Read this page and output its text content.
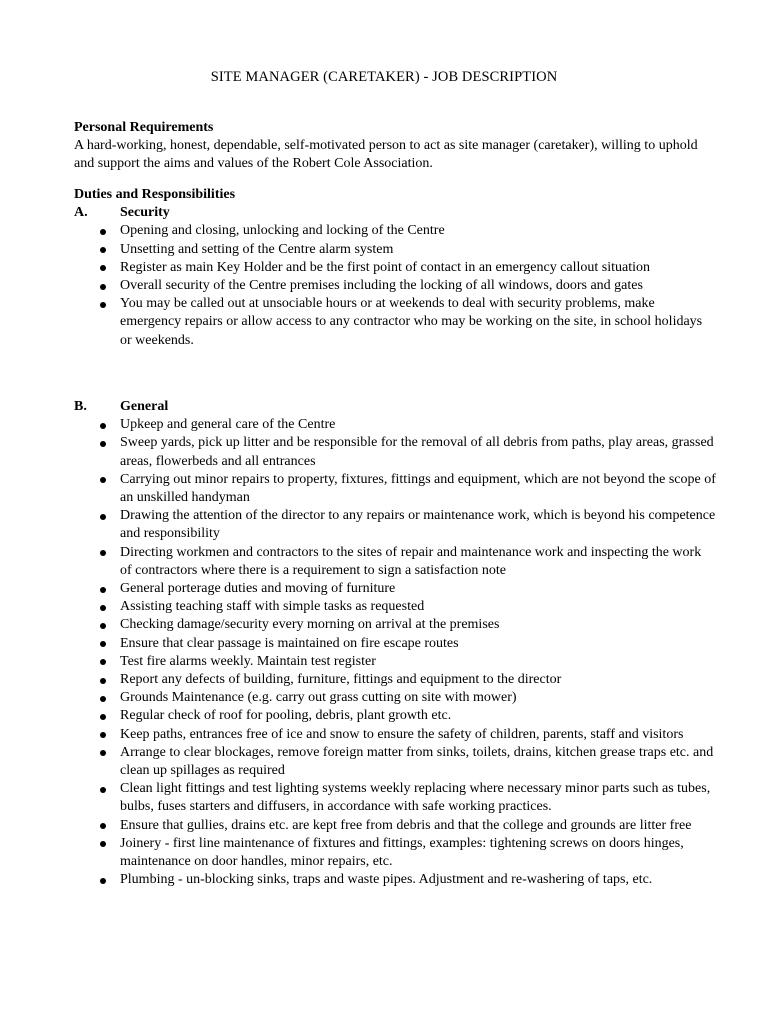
SITE MANAGER (CARETAKER) - JOB DESCRIPTION

Personal Requirements

A hard-working, honest, dependable, self-motivated person to act as site manager (caretaker), willing to uphold and support the aims and values of the Robert Cole Association.

Duties and Responsibilities

A.	Security
Opening and closing, unlocking and locking of the Centre
Unsetting and setting of the Centre alarm system
Register as main Key Holder and be the first point of contact in an emergency callout situation
Overall security of the Centre premises including the locking of all windows, doors and gates
You may be called out at unsociable hours or at weekends to deal with security problems, make emergency repairs or allow access to any contractor who may be working on the site, in school holidays or weekends.
B.	General
Upkeep and general care of the Centre
Sweep yards, pick up litter and be responsible for the removal of all debris from paths, play areas, grassed areas, flowerbeds and all entrances
Carrying out minor repairs to property, fixtures, fittings and equipment, which are not beyond the scope of an unskilled handyman
Drawing the attention of the director to any repairs or maintenance work, which is beyond his competence and responsibility
Directing workmen and contractors to the sites of repair and maintenance work and inspecting the work of contractors where there is a requirement to sign a satisfaction note
General porterage duties and moving of furniture
Assisting teaching staff with simple tasks as requested
Checking damage/security every morning on arrival at the premises
Ensure that clear passage is maintained on fire escape routes
Test fire alarms weekly. Maintain test register
Report any defects of building, furniture, fittings and equipment to the director
Grounds Maintenance (e.g. carry out grass cutting on site with mower)
Regular check of roof for pooling, debris, plant growth etc.
Keep paths, entrances free of ice and snow to ensure the safety of children, parents, staff and visitors
Arrange to clear blockages, remove foreign matter from sinks, toilets, drains, kitchen grease traps etc. and clean up spillages as required
Clean light fittings and test lighting systems weekly replacing where necessary minor parts such as tubes, bulbs, fuses starters and diffusers, in accordance with safe working practices.
Ensure that gullies, drains etc. are kept free from debris and that the college and grounds are litter free
Joinery - first line maintenance of fixtures and fittings, examples: tightening screws on doors hinges, maintenance on door handles, minor repairs, etc.
Plumbing - un-blocking sinks, traps and waste pipes. Adjustment and re-washering of taps, etc.
